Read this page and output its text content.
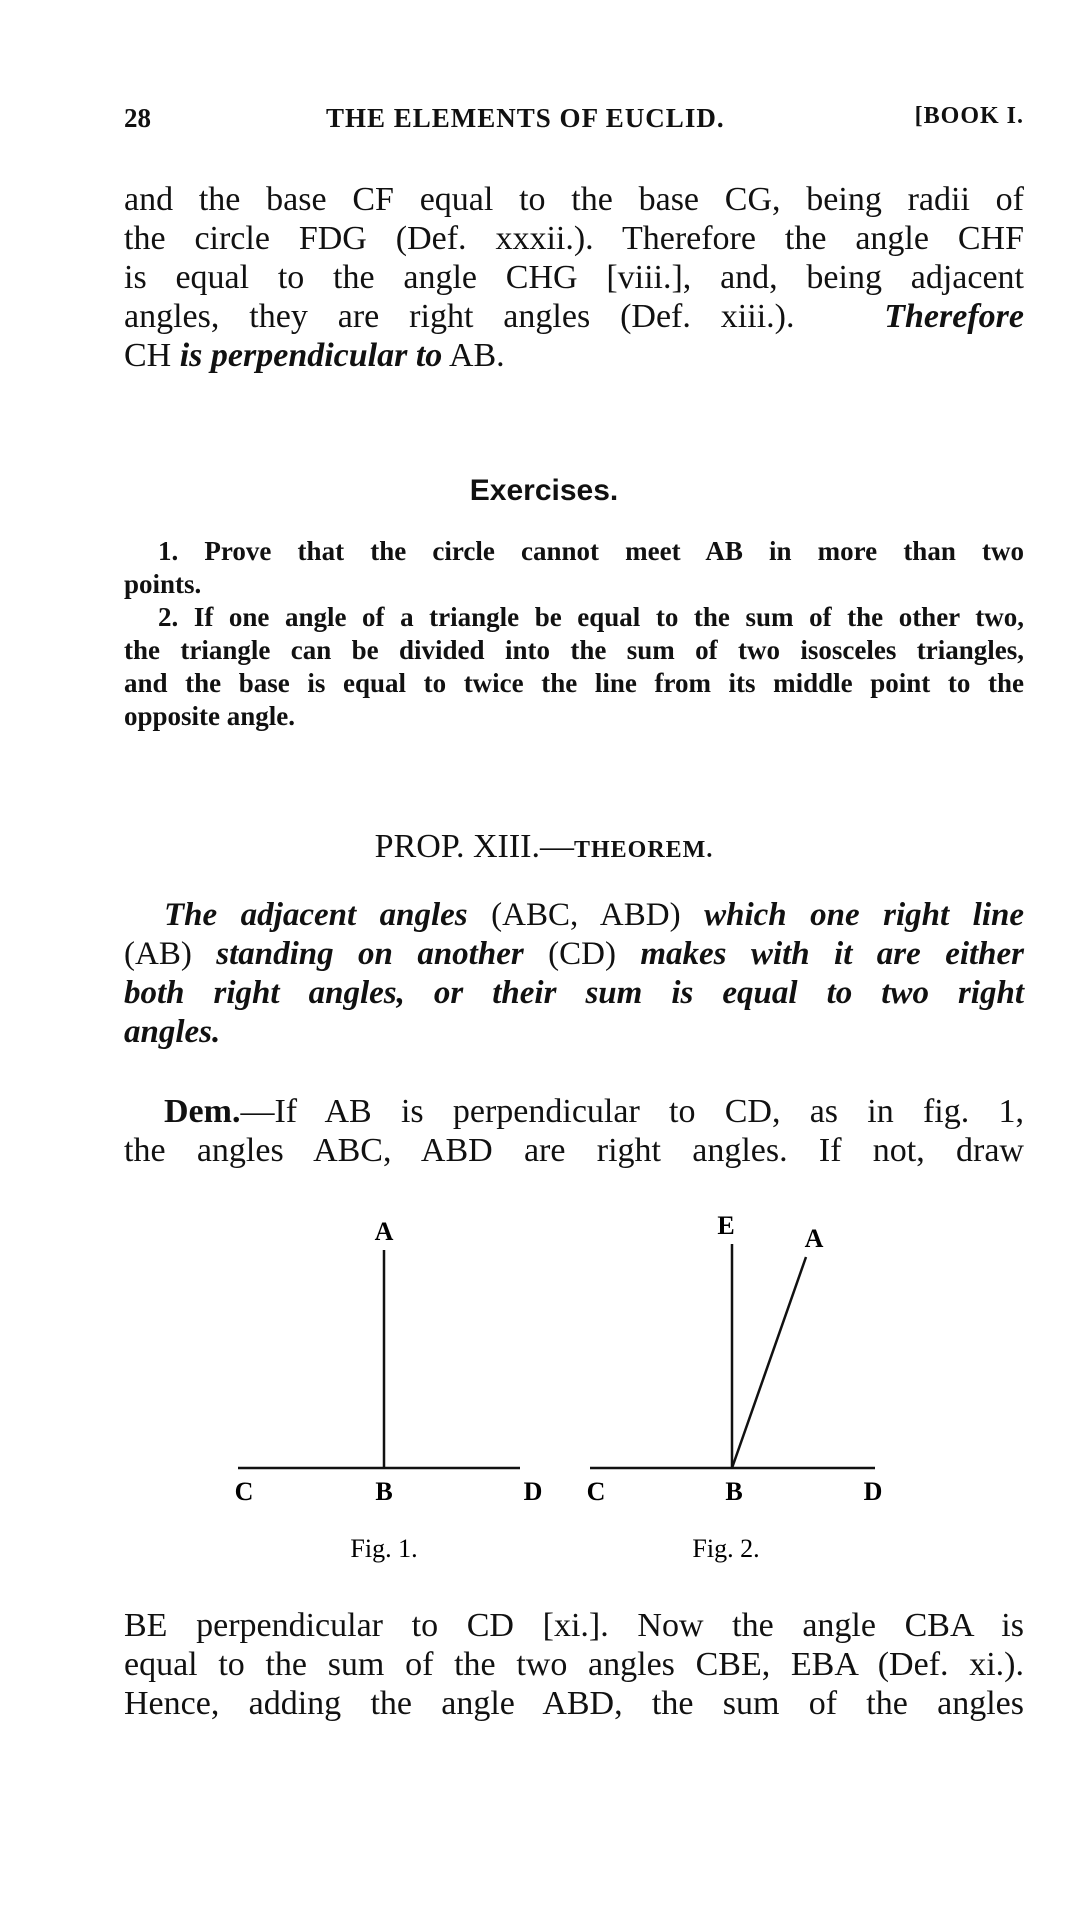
28	THE ELEMENTS OF EUCLID.	[BOOK I.
and the base CF equal to the base CG, being radii of
the circle FDG (Def. xxxii.). Therefore the angle CHF
is equal to the angle CHG [viii.], and, being adjacent
angles, they are right angles (Def. xiii.).	Therefore
CH is perpendicular to AB.
Exercises.
1. Prove that the circle cannot meet AB in more than two
points.
2. If one angle of a triangle be equal to the sum of the other two,
the triangle can be divided into the sum of two isosceles triangles,
and the base is equal to twice the line from its middle point to the
opposite angle.
PROP. XIII.—THEOREM.
The adjacent angles (ABC, ABD) which one right line
(AB) standing on another (CD) makes with it are either
both right angles, or their sum is equal to two right
angles.
Dem.—If AB is perpendicular to CD, as in fig. 1,
the angles ABC, ABD are right angles. If not, draw
A
B
C	D
Fig. 1.
E	A
B
C	D
Fig. 2.
BE perpendicular to CD [xi.]. Now the angle CBA is
equal to the sum of the two angles CBE, EBA (Def. xi.).
Hence, adding the angle ABD, the sum of the angles
